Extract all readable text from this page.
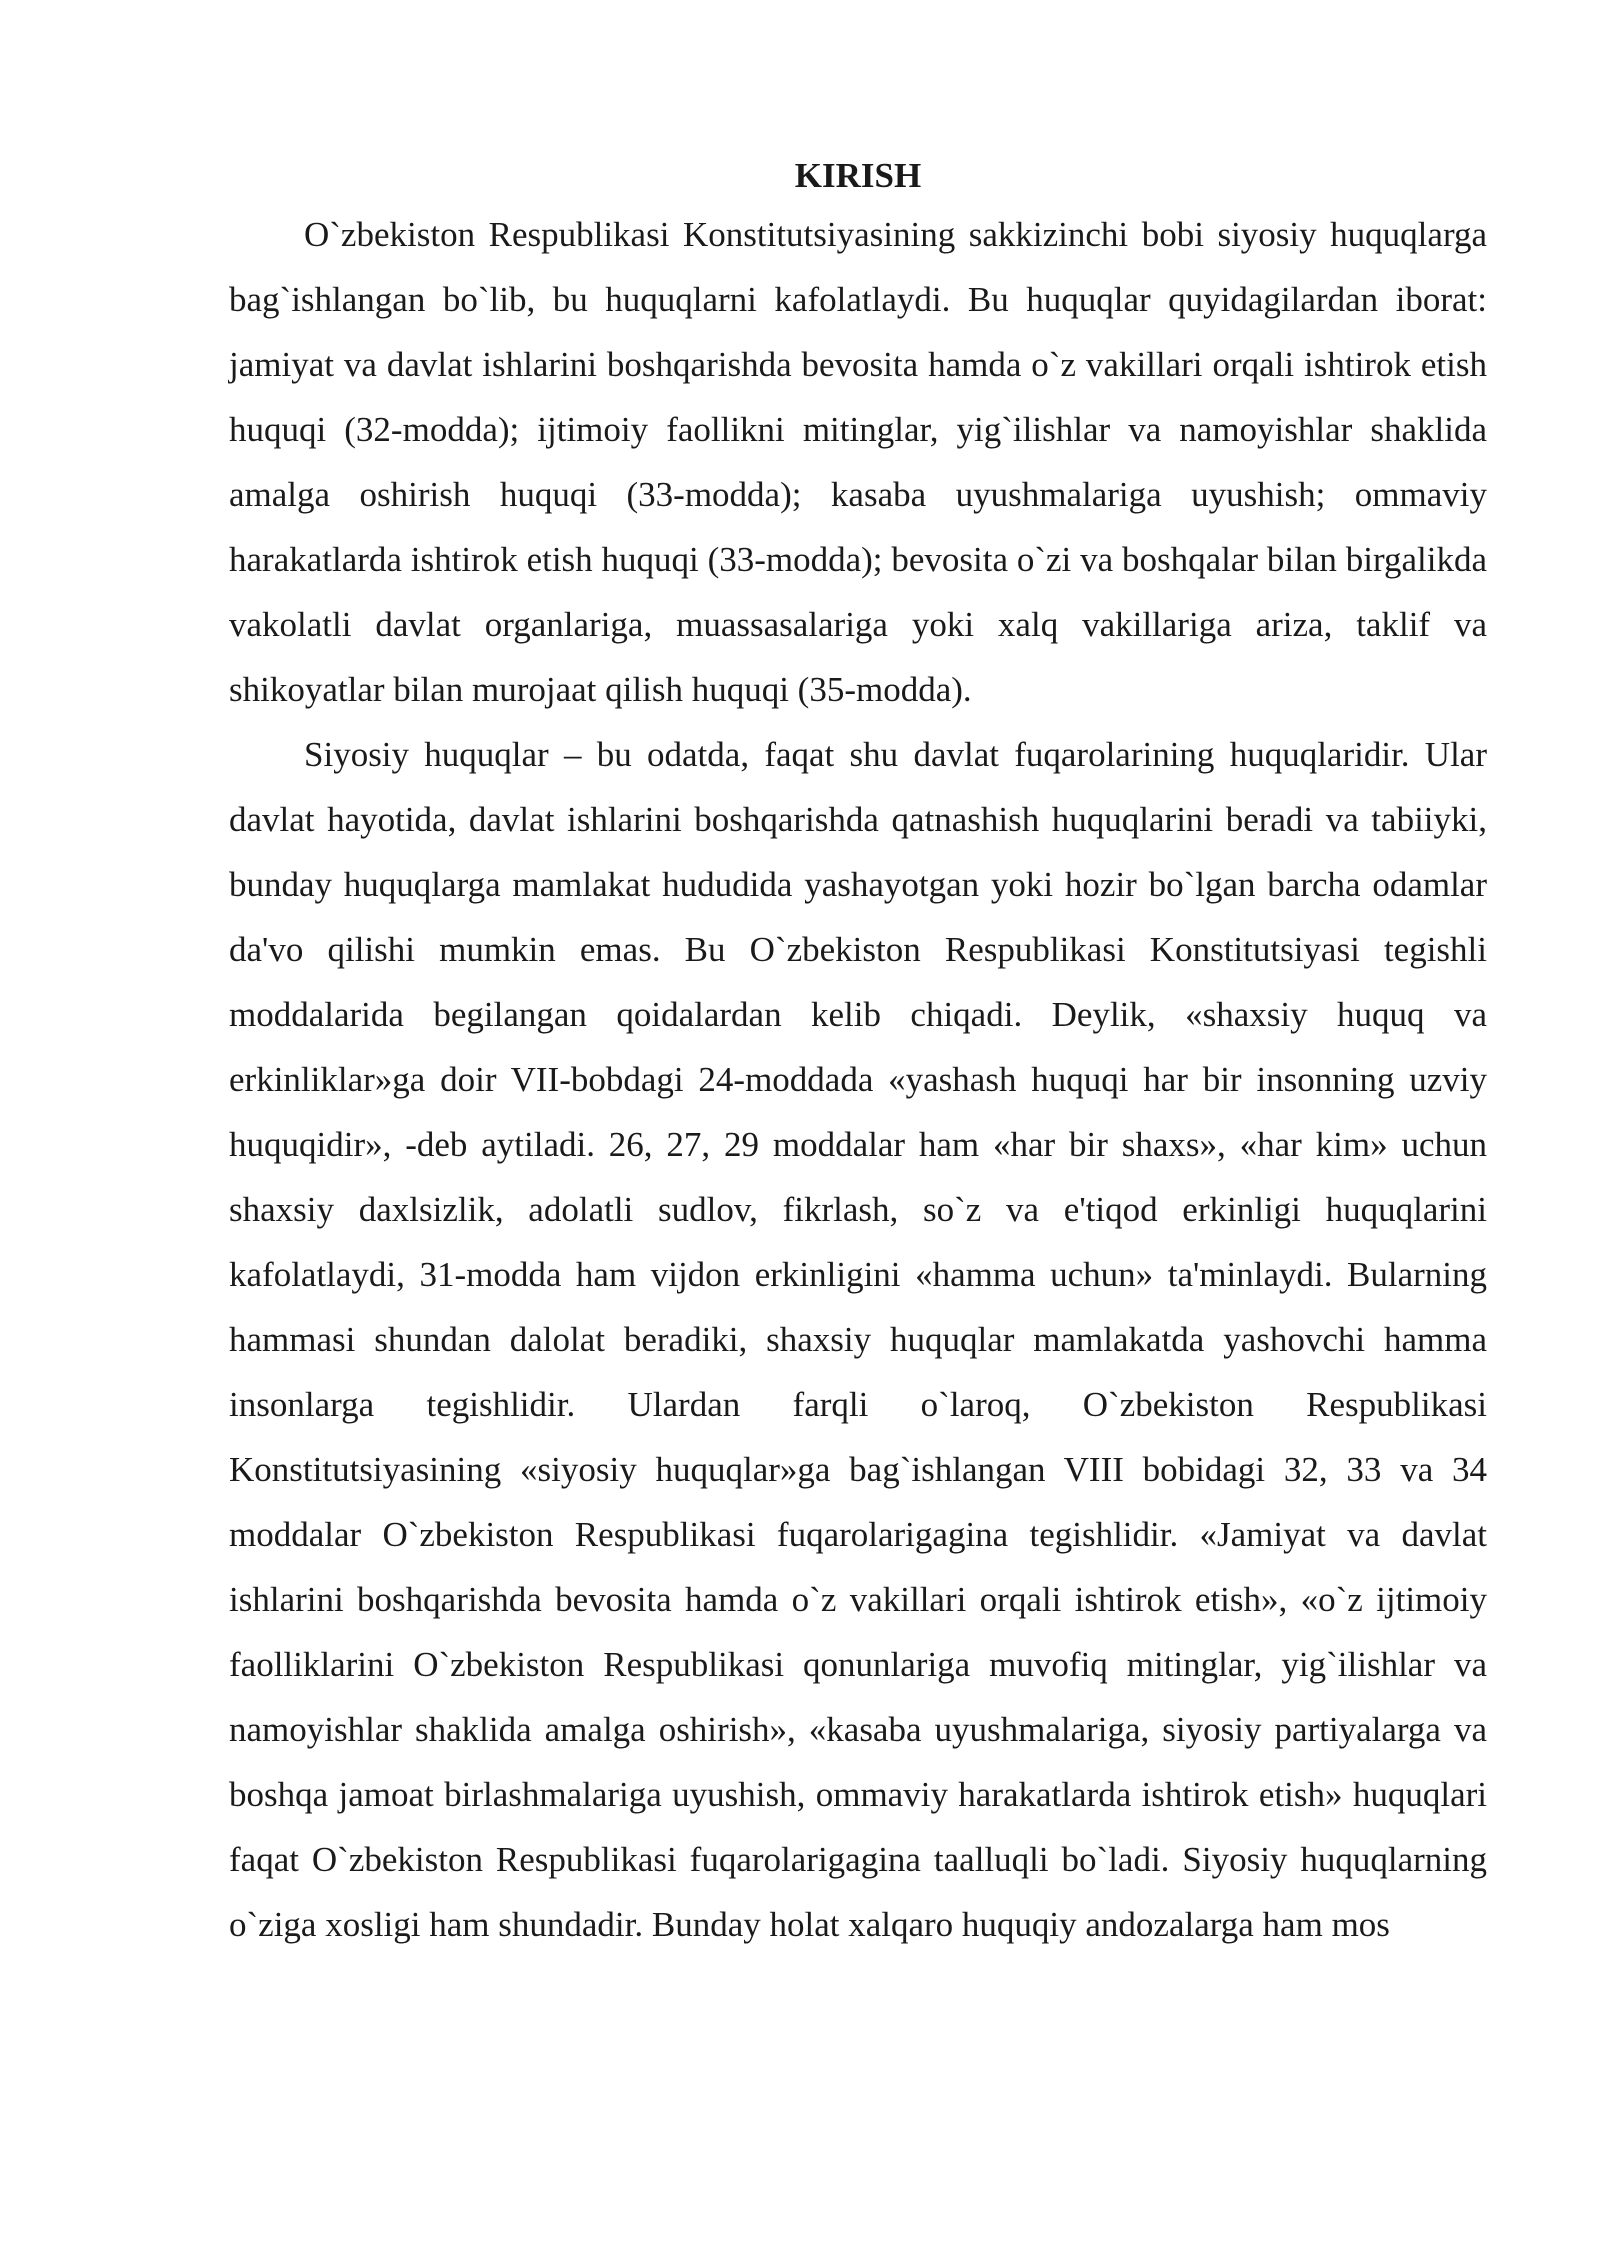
KIRISH

O`zbekiston Respublikasi Konstitutsiyasining sakkizinchi bobi siyosiy huquqlarga bag`ishlangan bo`lib, bu huquqlarni kafolatlaydi. Bu huquqlar quyidagilardan iborat: jamiyat va davlat ishlarini boshqarishda bevosita hamda o`z vakillari orqali ishtirok etish huquqi (32-modda); ijtimoiy faollikni mitinglar, yig`ilishlar va namoyishlar shaklida amalga oshirish huquqi (33-modda); kasaba uyushmalariga uyushish; ommaviy harakatlarda ishtirok etish huquqi (33-modda); bevosita o`zi va boshqalar bilan birgalikda vakolatli davlat organlariga, muassasalariga yoki xalq vakillariga ariza, taklif va shikoyatlar bilan murojaat qilish huquqi (35-modda).

Siyosiy huquqlar – bu odatda, faqat shu davlat fuqarolarining huquqlaridir. Ular davlat hayotida, davlat ishlarini boshqarishda qatnashish huquqlarini beradi va tabiiyki, bunday huquqlarga mamlakat hududida yashayotgan yoki hozir bo`lgan barcha odamlar da'vo qilishi mumkin emas. Bu O`zbekiston Respublikasi Konstitutsiyasi tegishli moddalarida begilangan qoidalardan kelib chiqadi. Deylik, «shaxsiy huquq va erkinliklar»ga doir VII-bobdagi 24-moddada «yashash huquqi har bir insonning uzviy huquqidir», -deb aytiladi. 26, 27, 29 moddalar ham «har bir shaxs», «har kim» uchun shaxsiy daxlsizlik, adolatli sudlov, fikrlash, so`z va e'tiqod erkinligi huquqlarini kafolatlaydi, 31-modda ham vijdon erkinligini «hamma uchun» ta'minlaydi. Bularning hammasi shundan dalolat beradiki, shaxsiy huquqlar mamlakatda yashovchi hamma insonlarga tegishlidir. Ulardan farqli o`laroq, O`zbekiston Respublikasi Konstitutsiyasining «siyosiy huquqlar»ga bag`ishlangan VIII bobidagi 32, 33 va 34 moddalar O`zbekiston Respublikasi fuqarolarigagina tegishlidir. «Jamiyat va davlat ishlarini boshqarishda bevosita hamda o`z vakillari orqali ishtirok etish», «o`z ijtimoiy faolliklarini O`zbekiston Respublikasi qonunlariga muvofiq mitinglar, yig`ilishlar va namoyishlar shaklida amalga oshirish», «kasaba uyushmalariga, siyosiy partiyalarga va boshqa jamoat birlashmalariga uyushish, ommaviy harakatlarda ishtirok etish» huquqlari faqat O`zbekiston Respublikasi fuqarolarigagina taalluqli bo`ladi. Siyosiy huquqlarning o`ziga xosligi ham shundadir. Bunday holat xalqaro huquqiy andozalarga ham mos
